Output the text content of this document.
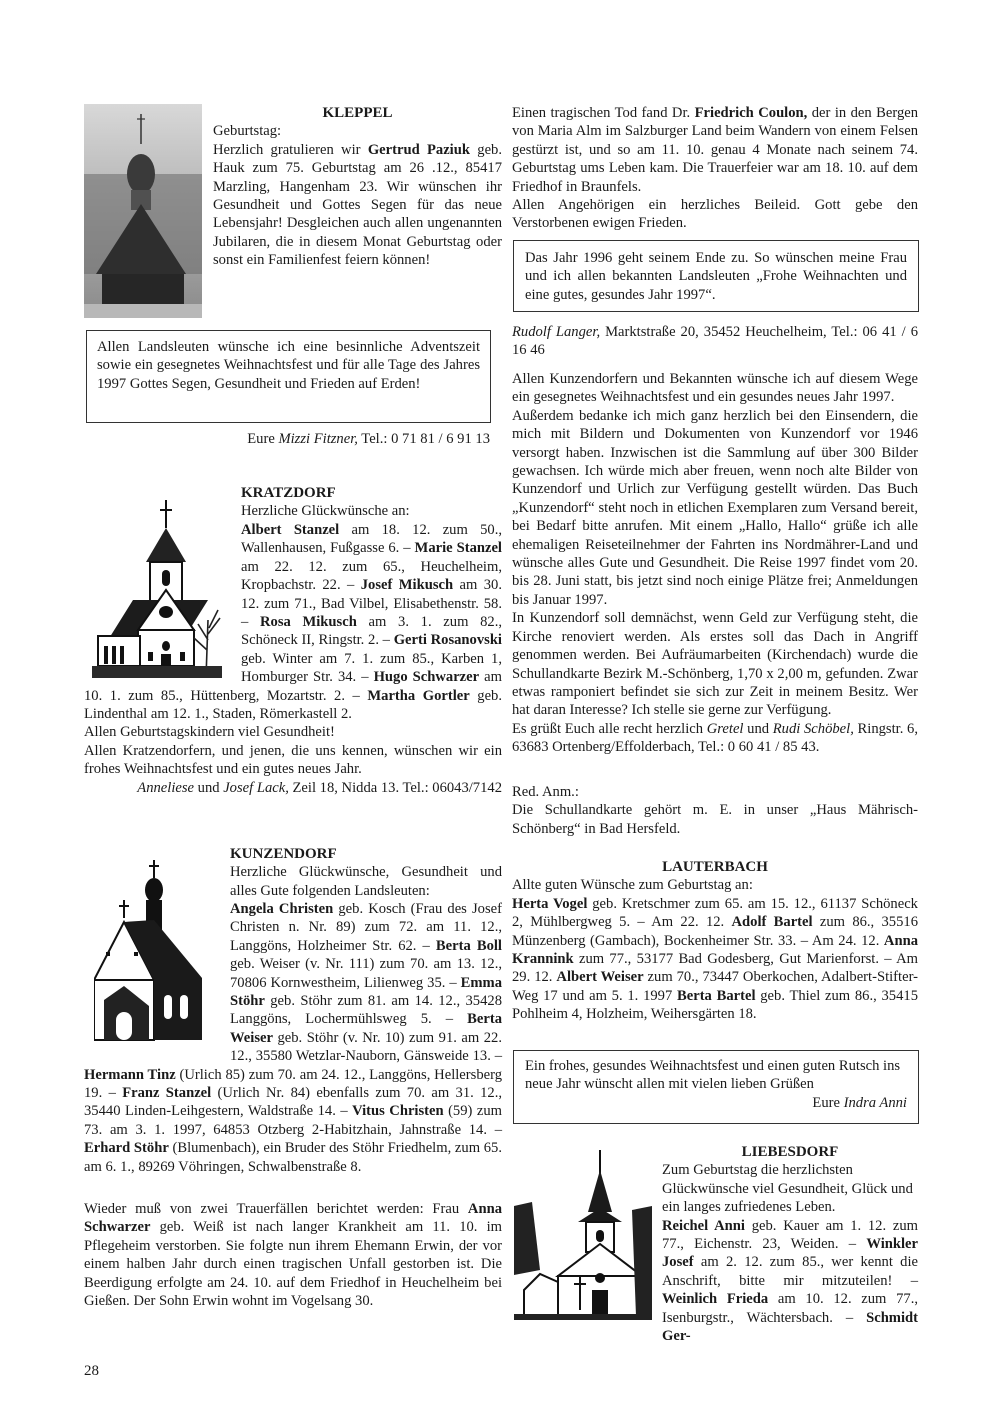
KLEPPEL

Geburtstag:

Herzlich gratulieren wir Gertrud Paziuk geb. Hauk zum 75. Geburtstag am 26 .12., 85417 Marzling, Hangenham 23. Wir wünschen ihr Gesundheit und Gottes Segen für das neue Lebensjahr! Desgleichen auch allen ungenannten Jubilaren, die in diesem Monat Geburtstag oder sonst ein Familienfest feiern können!

Allen Landsleuten wünsche ich eine besinnliche Adventszeit sowie ein gesegnetes Weihnachtsfest und für alle Tage des Jahres 1997 Gottes Segen, Gesundheit und Frieden auf Erden!

Eure Mizzi Fitzner, Tel.: 0 71 81 / 6 91 13

KRATZDORF

Herzliche Glückwünsche an:

Albert Stanzel am 18. 12. zum 50., Wallenhausen, Fußgasse 6. – Marie Stanzel am 22. 12. zum 65., Heuchelheim, Kropbachstr. 22. – Josef Mikusch am 30. 12. zum 71., Bad Vilbel, Elisabethenstr. 58. – Rosa Mikusch am 3. 1. zum 82., Schöneck II, Ringstr. 2. – Gerti Rosanovski geb. Winter am 7. 1. zum 85., Karben 1, Homburger Str. 34. – Hugo Schwarzer am 10. 1. zum 85., Hüttenberg, Mozartstr. 2. – Martha Gortler geb. Lindenthal am 12. 1., Staden, Römerkastell 2.

Allen Geburtstagskindern viel Gesundheit!

Allen Kratzendorfern, und jenen, die uns kennen, wünschen wir ein frohes Weihnachtsfest und ein gutes neues Jahr.

Anneliese und Josef Lack, Zeil 18, Nidda 13. Tel.: 06043/7142

KUNZENDORF

Herzliche Glückwünsche, Gesundheit und alles Gute folgenden Landsleuten:

Angela Christen geb. Kosch (Frau des Josef Christen n. Nr. 89) zum 72. am 11. 12., Langgöns, Holzheimer Str. 62. – Berta Boll geb. Weiser (v. Nr. 111) zum 70. am 13. 12., 70806 Kornwestheim, Lilienweg 35. – Emma Stöhr geb. Stöhr zum 81. am 14. 12., 35428 Langgöns, Lochermühlsweg 5. – Berta Weiser geb. Stöhr (v. Nr. 10) zum 91. am 22. 12., 35580 Wetzlar-Nauborn, Gänsweide 13. – Hermann Tinz (Urlich 85) zum 70. am 24. 12., Langgöns, Hellersberg 19. – Franz Stanzel (Urlich Nr. 84) ebenfalls zum 70. am 31. 12., 35440 Linden-Leihgestern, Waldstraße 14. – Vitus Christen (59) zum 73. am 3. 1. 1997, 64853 Otzberg 2-Habitzhain, Jahnstraße 14. – Erhard Stöhr (Blumenbach), ein Bruder des Stöhr Friedhelm, zum 65. am 6. 1., 89269 Vöhringen, Schwalbenstraße 8.

Wieder muß von zwei Trauerfällen berichtet werden: Frau Anna Schwarzer geb. Weiß ist nach langer Krankheit am 11. 10. im Pflegeheim verstorben. Sie folgte nun ihrem Ehemann Erwin, der vor einem halben Jahr durch einen tragischen Unfall gestorben ist. Die Beerdigung erfolgte am 24. 10. auf dem Friedhof in Heuchelheim bei Gießen. Der Sohn Erwin wohnt im Vogelsang 30.

28

Einen tragischen Tod fand Dr. Friedrich Coulon, der in den Bergen von Maria Alm im Salzburger Land beim Wandern von einem Felsen gestürzt ist, und so am 11. 10. genau 4 Monate nach seinem 74. Geburtstag ums Leben kam. Die Trauerfeier war am 18. 10. auf dem Friedhof in Braunfels.

Allen Angehörigen ein herzliches Beileid. Gott gebe den Verstorbenen ewigen Frieden.

Das Jahr 1996 geht seinem Ende zu. So wünschen meine Frau und ich allen bekannten Landsleuten „Frohe Weihnachten und eine gutes, gesundes Jahr 1997“.

Rudolf Langer, Marktstraße 20, 35452 Heuchelheim, Tel.: 06 41 / 6 16 46

Allen Kunzendorfern und Bekannten wünsche ich auf diesem Wege ein gesegnetes Weihnachtsfest und ein gesundes neues Jahr 1997.

Außerdem bedanke ich mich ganz herzlich bei den Einsendern, die mich mit Bildern und Dokumenten von Kunzendorf vor 1946 versorgt haben. Inzwischen ist die Sammlung auf über 300 Bilder gewachsen. Ich würde mich aber freuen, wenn noch alte Bilder von Kunzendorf und Urlich zur Verfügung gestellt würden. Das Buch „Kunzendorf“ steht noch in etlichen Exemplaren zum Versand bereit, bei Bedarf bitte anrufen. Mit einem „Hallo, Hallo“ grüße ich alle ehemaligen Reiseteilnehmer der Fahrten ins Nordmährer-Land und wünsche alles Gute und Gesundheit. Die Reise 1997 findet vom 20. bis 28. Juni statt, bis jetzt sind noch einige Plätze frei; Anmeldungen bis Januar 1997.

In Kunzendorf soll demnächst, wenn Geld zur Verfügung steht, die Kirche renoviert werden. Als erstes soll das Dach in Angriff genommen werden. Bei Aufräumarbeiten (Kirchendach) wurde die Schullandkarte Bezirk M.-Schönberg, 1,70 x 2,00 m, gefunden. Zwar etwas ramponiert befindet sie sich zur Zeit in meinem Besitz. Wer hat daran Interesse? Ich stelle sie gerne zur Verfügung.

Es grüßt Euch alle recht herzlich Gretel und Rudi Schöbel, Ringstr. 6, 63683 Ortenberg/Effolderbach, Tel.: 0 60 41 / 85 43.

Red. Anm.:

Die Schullandkarte gehört m. E. in unser „Haus Mährisch-Schönberg“ in Bad Hersfeld.

LAUTERBACH

Allte guten Wünsche zum Geburtstag an:

Herta Vogel geb. Kretschmer zum 65. am 15. 12., 61137 Schöneck 2, Mühlbergweg 5. – Am 22. 12. Adolf Bartel zum 86., 35516 Münzenberg (Gambach), Bockenheimer Str. 33. – Am 24. 12. Anna Krannink zum 77., 53177 Bad Godesberg, Gut Marienforst. – Am 29. 12. Albert Weiser zum 70., 73447 Oberkochen, Adalbert-Stifter-Weg 17 und am 5. 1. 1997 Berta Bartel geb. Thiel zum 86., 35415 Pohlheim 4, Holzheim, Weihersgärten 18.

Ein frohes, gesundes Weihnachtsfest und einen guten Rutsch ins neue Jahr wünscht allen mit vielen lieben Grüßen

Eure Indra Anni

LIEBESDORF

Zum Geburtstag die herzlichsten Glückwünsche viel Gesundheit, Glück und ein langes zufriedenes Leben.

Reichel Anni geb. Kauer am 1. 12. zum 77., Eichenstr. 23, Weiden. – Winkler Josef am 2. 12. zum 85., wer kennt die Anschrift, bitte mir mitzuteilen! – Weinlich Frieda am 10. 12. zum 77., Isenburgstr., Wächtersbach. – Schmidt Ger-
